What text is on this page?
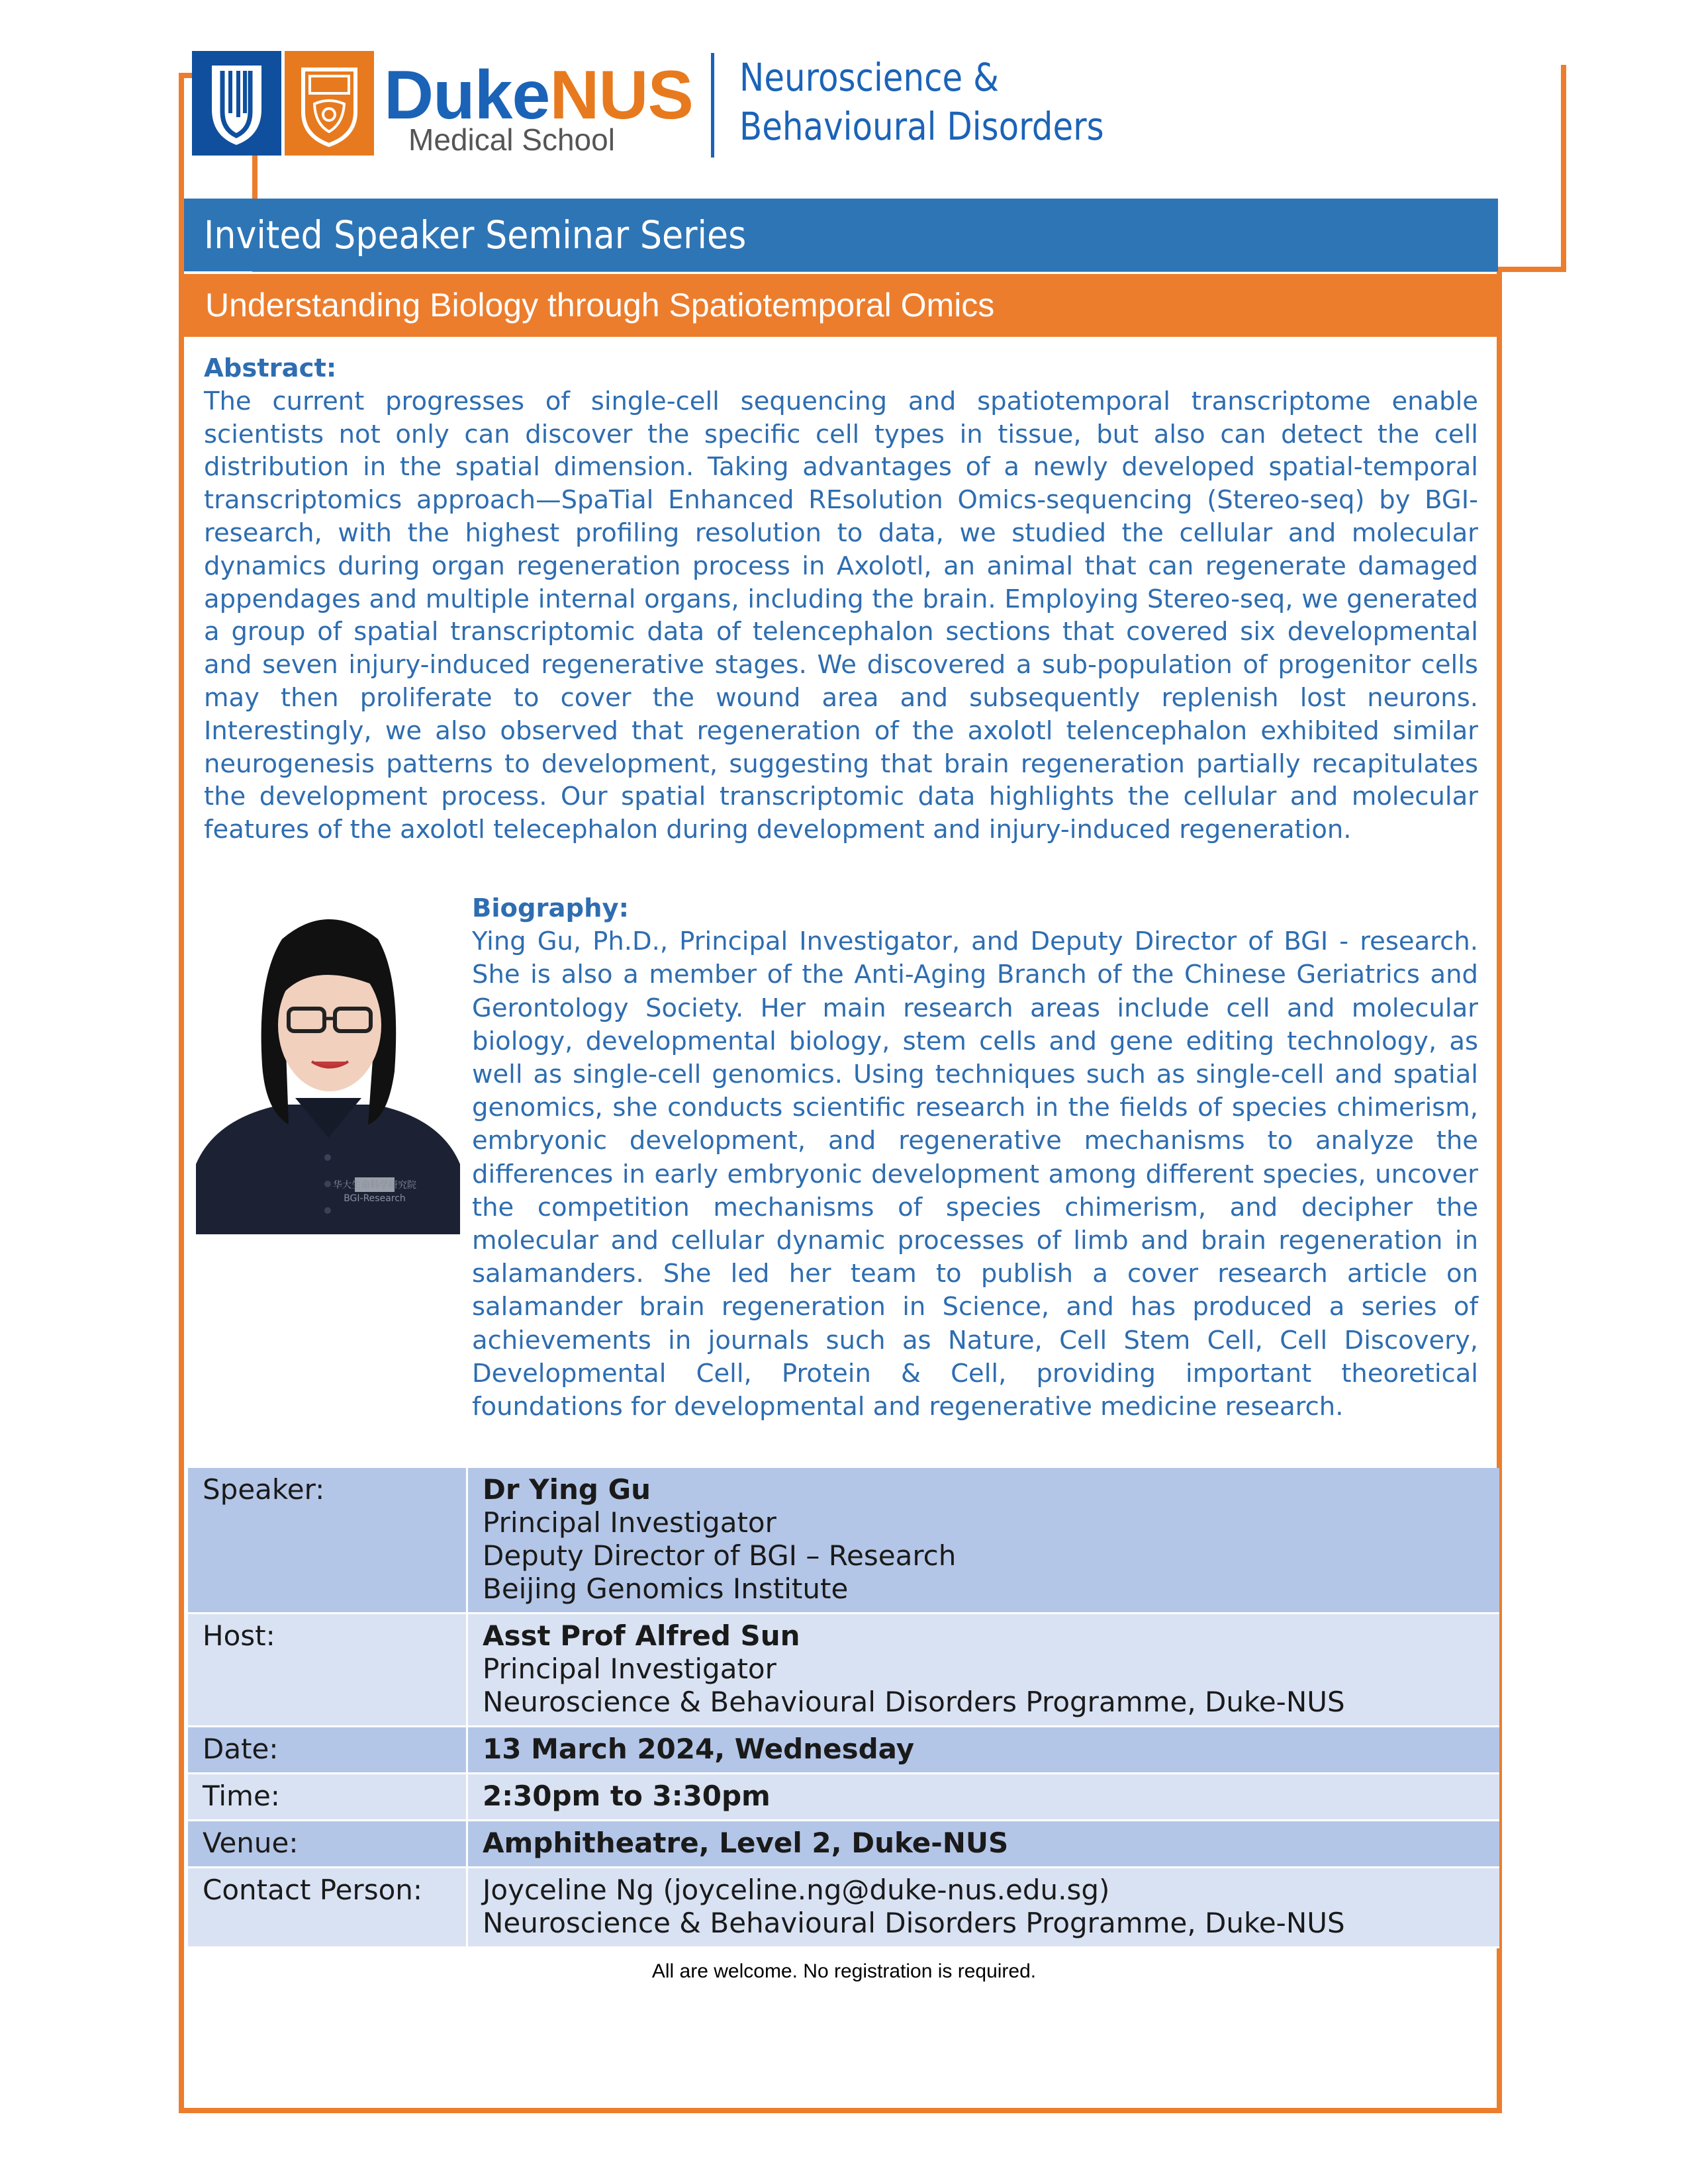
DukeNUS
Medical School
Neuroscience &
Behavioural Disorders
Invited Speaker Seminar Series
Understanding Biology through Spatiotemporal Omics
Abstract:
The current progresses of single-cell sequencing and spatiotemporal transcriptome enable scientists not only can discover the specific cell types in tissue, but also can detect the cell distribution in the spatial dimension. Taking advantages of a newly developed spatial-temporal transcriptomics approach—SpaTial Enhanced REsolution Omics-sequencing (Stereo-seq) by BGI-research, with the highest profiling resolution to data, we studied the cellular and molecular dynamics during organ regeneration process in Axolotl, an animal that can regenerate damaged appendages and multiple internal organs, including the brain. Employing Stereo-seq, we generated a group of spatial transcriptomic data of telencephalon sections that covered six developmental and seven injury-induced regenerative stages. We discovered a sub-population of progenitor cells may then proliferate to cover the wound area and subsequently replenish lost neurons. Interestingly, we also observed that regeneration of the axolotl telencephalon exhibited similar neurogenesis patterns to development, suggesting that brain regeneration partially recapitulates the development process. Our spatial transcriptomic data highlights the cellular and molecular features of the axolotl telecephalon during development and injury-induced regeneration.
华大生命科学研究院
BGI-Research
Biography:
Ying Gu, Ph.D., Principal Investigator, and Deputy Director of BGI - research. She is also a member of the Anti-Aging Branch of the Chinese Geriatrics and Gerontology Society. Her main research areas include cell and molecular biology, developmental biology, stem cells and gene editing technology, as well as single-cell genomics. Using techniques such as single-cell and spatial genomics, she conducts scientific research in the fields of species chimerism, embryonic development, and regenerative mechanisms to analyze the differences in early embryonic development among different species, uncover the competition mechanisms of species chimerism, and decipher the molecular and cellular dynamic processes of limb and brain regeneration in salamanders. She led her team to publish a cover research article on salamander brain regeneration in Science, and has produced a series of achievements in journals such as Nature, Cell Stem Cell, Cell Discovery, Developmental Cell, Protein & Cell, providing important theoretical foundations for developmental and regenerative medicine research.
Speaker:	Dr Ying Gu
Principal Investigator
Deputy Director of BGI – Research
Beijing Genomics Institute

Host:	Asst Prof Alfred Sun
Principal Investigator
Neuroscience & Behavioural Disorders Programme, Duke-NUS

Date:	13 March 2024, Wednesday
Time:	2:30pm to 3:30pm
Venue:	Amphitheatre, Level 2, Duke-NUS
Contact Person:	Joyceline Ng (joyceline.ng@duke-nus.edu.sg)
Neuroscience & Behavioural Disorders Programme, Duke-NUS
All are welcome. No registration is required.
